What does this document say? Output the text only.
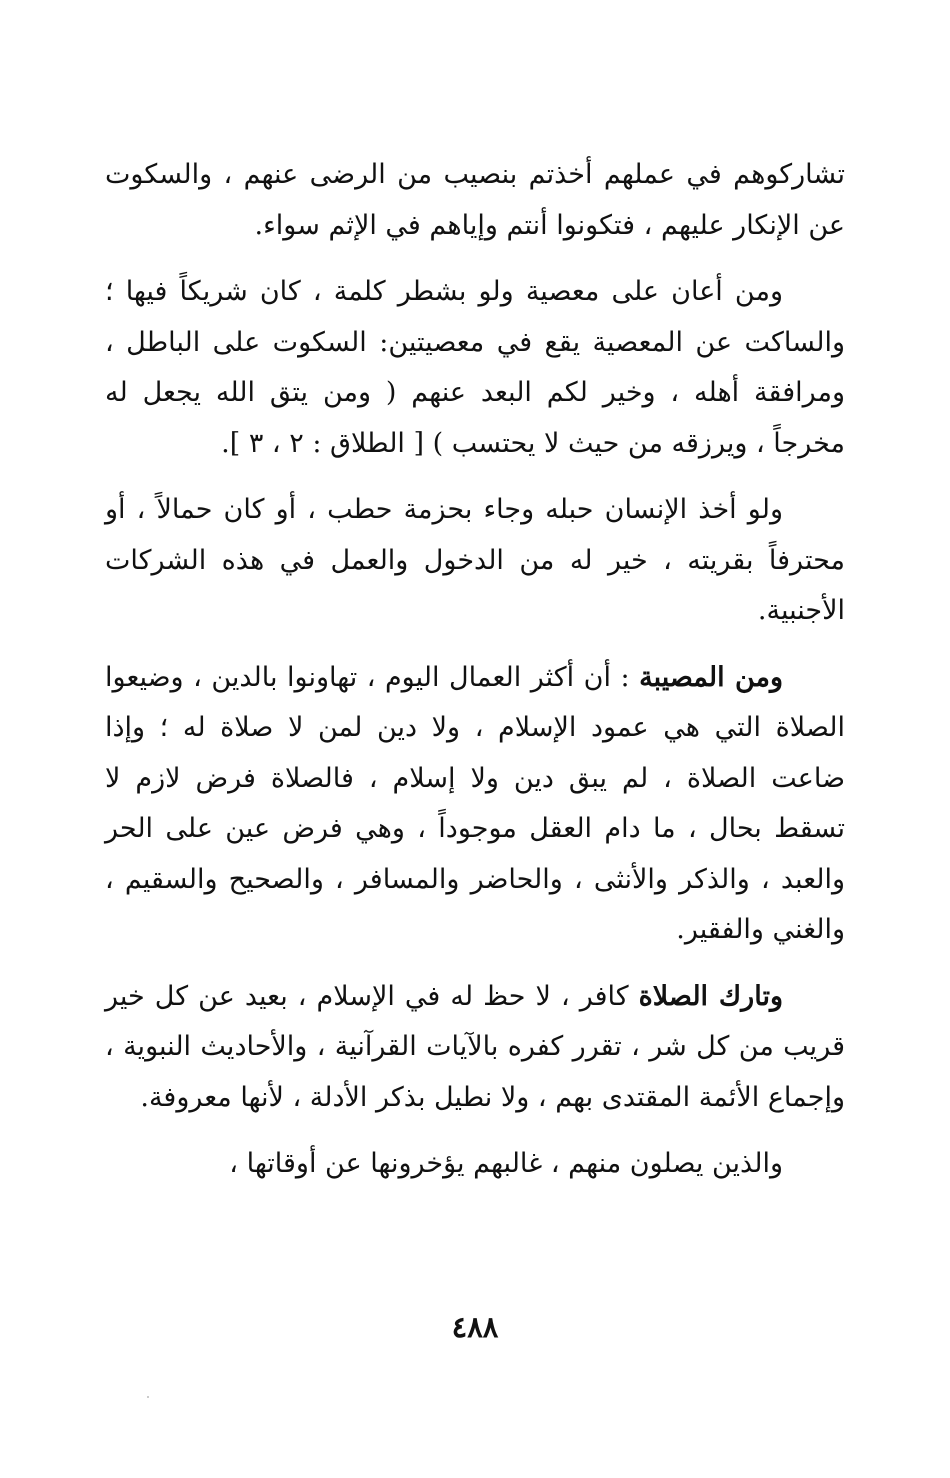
تشاركوهم في عملهم أخذتم بنصيب من الرضى عنهم ، والسكوت عن الإنكار عليهم ، فتكونوا أنتم وإياهم في الإثم سواء.

ومن أعان على معصية ولو بشطر كلمة ، كان شريكاً فيها ؛ والساكت عن المعصية يقع في معصيتين: السكوت على الباطل ، ومرافقة أهله ، وخير لكم البعد عنهم ( ومن يتق الله يجعل له مخرجاً ، ويرزقه من حيث لا يحتسب ) [ الطلاق : ٢ ، ٣ ].

ولو أخذ الإنسان حبله وجاء بحزمة حطب ، أو كان حمالاً ، أو محترفاً بقريته ، خير له من الدخول والعمل في هذه الشركات الأجنبية.

ومن المصيبة : أن أكثر العمال اليوم ، تهاونوا بالدين ، وضيعوا الصلاة التي هي عمود الإسلام ، ولا دين لمن لا صلاة له ؛ وإذا ضاعت الصلاة ، لم يبق دين ولا إسلام ، فالصلاة فرض لازم لا تسقط بحال ، ما دام العقل موجوداً ، وهي فرض عين على الحر والعبد ، والذكر والأنثى ، والحاضر والمسافر ، والصحيح والسقيم ، والغني والفقير.

وتارك الصلاة كافر ، لا حظ له في الإسلام ، بعيد عن كل خير قريب من كل شر ، تقرر كفره بالآيات القرآنية ، والأحاديث النبوية ، وإجماع الأئمة المقتدى بهم ، ولا نطيل بذكر الأدلة ، لأنها معروفة.

والذين يصلون منهم ، غالبهم يؤخرونها عن أوقاتها ،

٤٨٨
